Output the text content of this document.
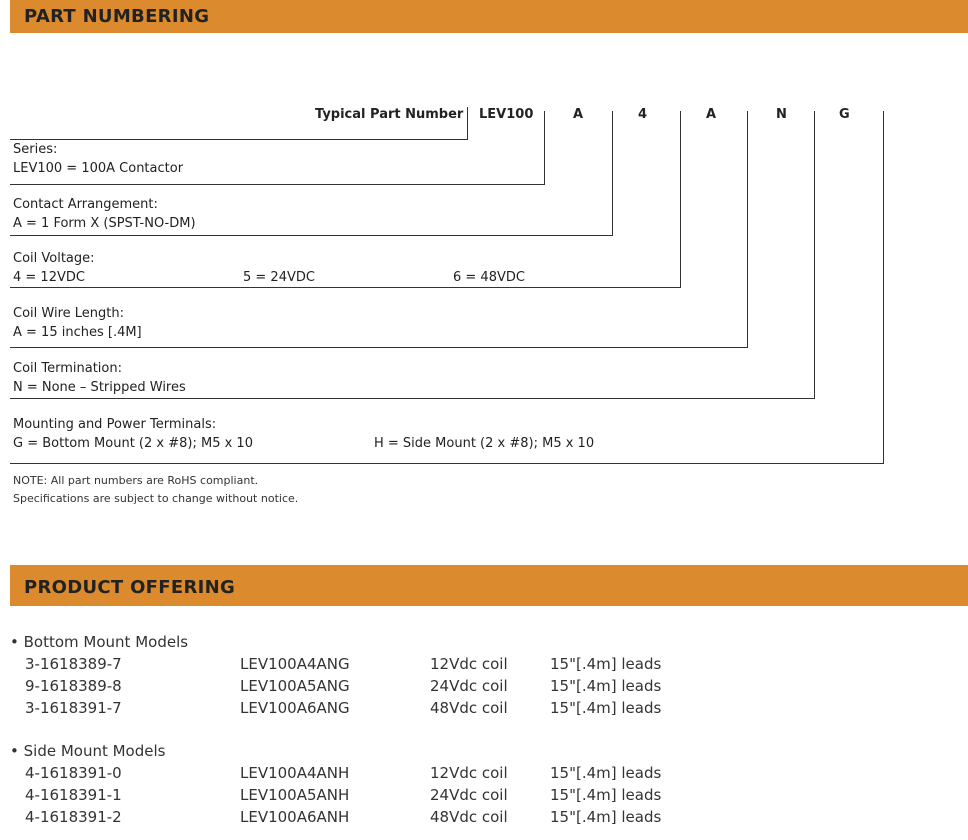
PART NUMBERING
Typical Part Number LEV100	A	4	A	N	G
Series:
LEV100 = 100A Contactor
Contact Arrangement:
A = 1 Form X (SPST-NO-DM)
Coil Voltage:
4 = 12VDC	5 = 24VDC	6 = 48VDC
Coil Wire Length:
A = 15 inches [.4M]
Coil Termination:
N = None – Stripped Wires
Mounting and Power Terminals:
G = Bottom Mount (2 x #8); M5 x 10	H = Side Mount (2 x #8); M5 x 10
NOTE: All part numbers are RoHS compliant.
Specifications are subject to change without notice.
PRODUCT OFFERING
• Bottom Mount Models
3-1618389-7	LEV100A4ANG	12Vdc coil	15"[.4m] leads
9-1618389-8	LEV100A5ANG	24Vdc coil	15"[.4m] leads
3-1618391-7	LEV100A6ANG	48Vdc coil	15"[.4m] leads
• Side Mount Models
4-1618391-0	LEV100A4ANH	12Vdc coil	15"[.4m] leads
4-1618391-1	LEV100A5ANH	24Vdc coil	15"[.4m] leads
4-1618391-2	LEV100A6ANH	48Vdc coil	15"[.4m] leads
